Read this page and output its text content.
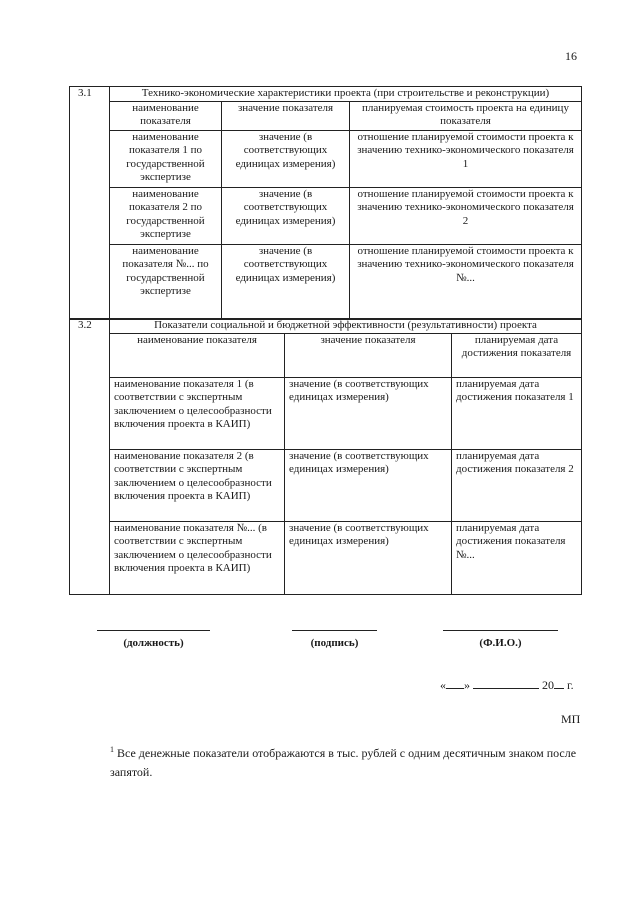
16
3.1	Технико-экономические характеристики проекта (при строительстве и реконструкции)		
	наименование показателя	значение показателя	планируемая стоимость проекта на единицу показателя
	наименование показателя 1 по государственной экспертизе	значение (в соответствующих единицах измерения)	отношение планируемой стоимости проекта к значению технико-экономического показателя 1
	наименование показателя 2 по государственной экспертизе	значение (в соответствующих единицах измерения)	отношение планируемой стоимости проекта к значению технико-экономического показателя 2
	наименование показателя №... по государственной экспертизе	значение (в соответствующих единицах измерения)	отношение планируемой стоимости проекта к значению технико-экономического показателя №...
3.2	Показатели социальной и бюджетной эффективности (результативности) проекта		
	наименование показателя	значение показателя	планируемая дата достижения показателя
	наименование показателя 1 (в соответствии с экспертным заключением о целесообразности включения проекта в КАИП)	значение (в соответствующих единицах измерения)	планируемая дата достижения показателя 1
	наименование показателя 2 (в соответствии с экспертным заключением о целесообразности включения проекта в КАИП)	значение (в соответствующих единицах измерения)	планируемая дата достижения показателя 2
	наименование показателя №... (в соответствии с экспертным заключением о целесообразности включения проекта в КАИП)	значение (в соответствующих единицах измерения)	планируемая дата достижения показателя №...
(должность)	(подпись)	(Ф.И.О.)
« »	20 г.
МП
$^1$ Все денежные показатели отображаются в тыс. рублей с одним десятичным знаком после запятой.
